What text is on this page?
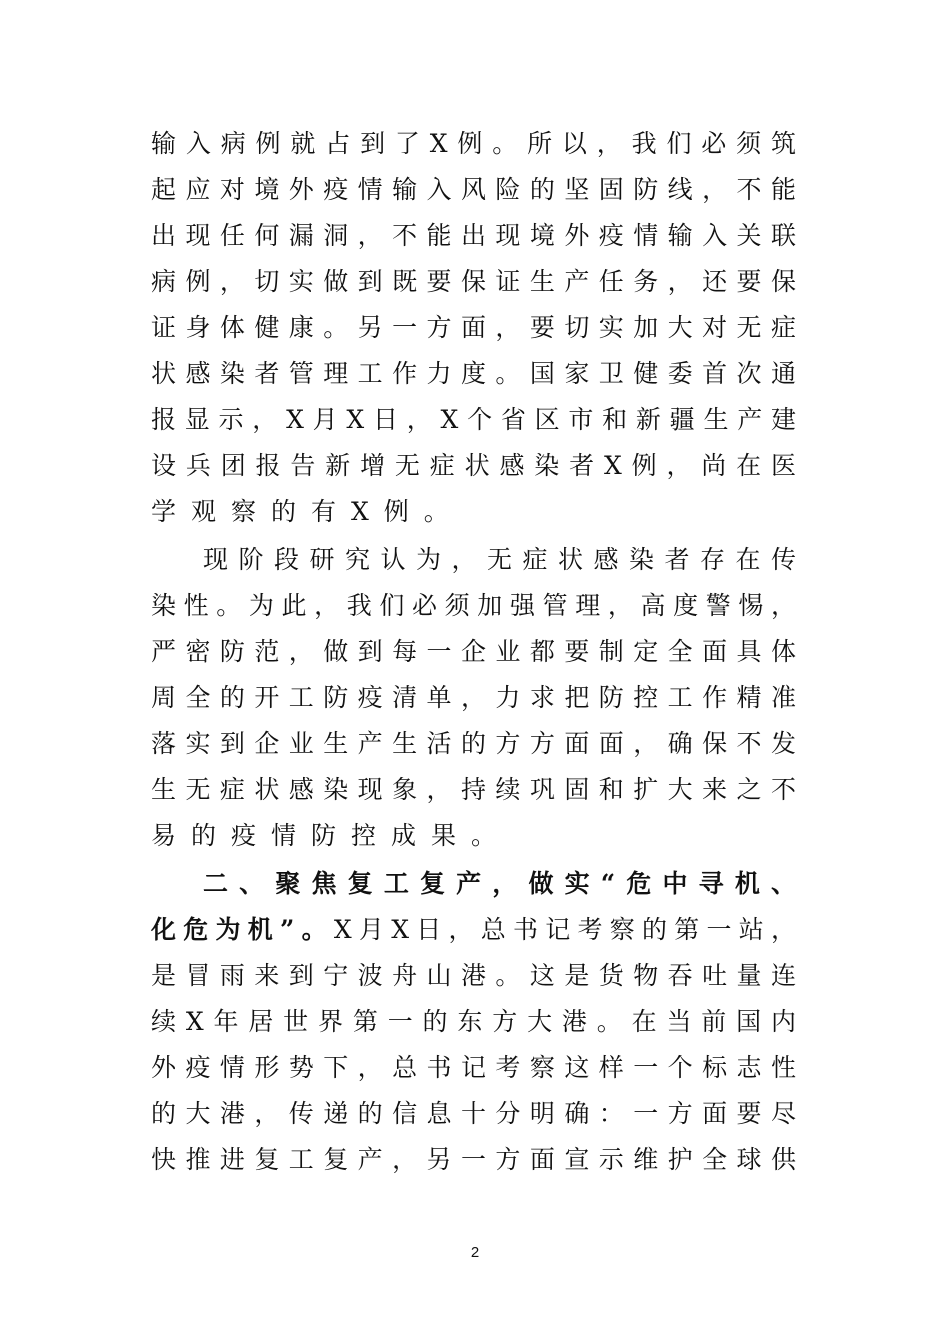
输入病例就占到了X例。所以，我们必须筑
起应对境外疫情输入风险的坚固防线，不能
出现任何漏洞，不能出现境外疫情输入关联
病例，切实做到既要保证生产任务，还要保
证身体健康。另一方面，要切实加大对无症
状感染者管理工作力度。国家卫健委首次通
报显示，X月X日，X个省区市和新疆生产建
设兵团报告新增无症状感染者X例，尚在医
学观察的有X例。
现阶段研究认为，无症状感染者存在传
染性。为此，我们必须加强管理，高度警惕，
严密防范，做到每一企业都要制定全面具体
周全的开工防疫清单，力求把防控工作精准
落实到企业生产生活的方方面面，确保不发
生无症状感染现象，持续巩固和扩大来之不
易的疫情防控成果。
二、聚焦复工复产，做实“危中寻机、
化危为机”。X月X日，总书记考察的第一站，
是冒雨来到宁波舟山港。这是货物吞吐量连
续X年居世界第一的东方大港。在当前国内
外疫情形势下，总书记考察这样一个标志性
的大港，传递的信息十分明确：一方面要尽
快推进复工复产，另一方面宣示维护全球供
2
